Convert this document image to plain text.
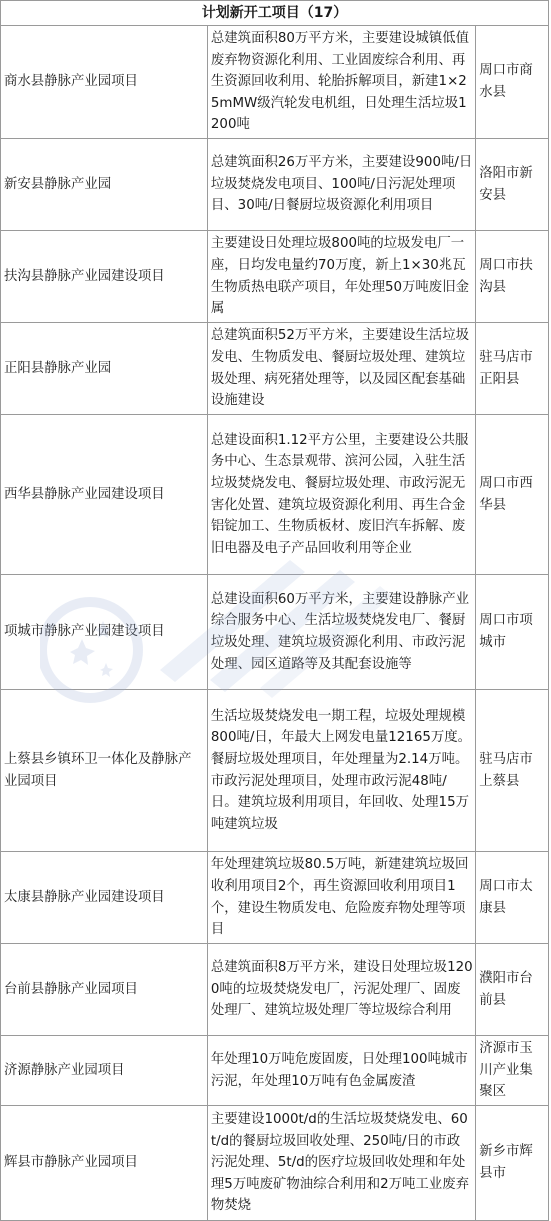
计划新开工项目（17）		
商水县静脉产业园项目	总建筑面积80万平方米，主要建设城镇低值废弃物资源化利用、工业固废综合利用、再生资源回收利用、轮胎拆解项目，新建1×25mMW级汽轮发电机组，日处理生活垃圾1200吨	周口市商水县
新安县静脉产业园	总建筑面积26万平方米，主要建设900吨/日垃圾焚烧发电项目、100吨/日污泥处理项目、30吨/日餐厨垃圾资源化利用项目	洛阳市新安县
扶沟县静脉产业园建设项目	主要建设日处理垃圾800吨的垃圾发电厂一座，日均发电量约70万度，新上1×30兆瓦生物质热电联产项目，年处理50万吨废旧金属	周口市扶沟县
正阳县静脉产业园	总建筑面积52万平方米，主要建设生活垃圾发电、生物质发电、餐厨垃圾处理、建筑垃圾处理、病死猪处理等，以及园区配套基础设施建设	驻马店市正阳县
西华县静脉产业园建设项目	总建设面积1.12平方公里，主要建设公共服务中心、生态景观带、滨河公园，入驻生活垃圾焚烧发电、餐厨垃圾处理、市政污泥无害化处置、建筑垃圾资源化利用、再生合金铝锭加工、生物质板材、废旧汽车拆解、废旧电器及电子产品回收利用等企业	周口市西华县
项城市静脉产业园建设项目	总建设面积60万平方米，主要建设静脉产业综合服务中心、生活垃圾焚烧发电厂、餐厨垃圾处理、建筑垃圾资源化利用、市政污泥处理、园区道路等及其配套设施等	周口市项城市
上蔡县乡镇环卫一体化及静脉产业园项目	生活垃圾焚烧发电一期工程，垃圾处理规模800吨/日，年最大上网发电量12165万度。餐厨垃圾处理项目，年处理量为2.14万吨。市政污泥处理项目，处理市政污泥48吨/日。建筑垃圾利用项目，年回收、处理15万吨建筑垃圾	驻马店市上蔡县
太康县静脉产业园建设项目	年处理建筑垃圾80.5万吨，新建建筑垃圾回收利用项目2个，再生资源回收利用项目1个，建设生物质发电、危险废弃物处理等项目	周口市太康县
台前县静脉产业园项目	总建筑面积8万平方米，建设日处理垃圾1200吨的垃圾焚烧发电厂，污泥处理厂、固废处理厂、建筑垃圾处理厂等垃圾综合利用	濮阳市台前县
济源静脉产业园项目	年处理10万吨危废固废，日处理100吨城市污泥，年处理10万吨有色金属废渣	济源市玉川产业集聚区
辉县市静脉产业园项目	主要建设1000t/d的生活垃圾焚烧发电、60t/d的餐厨垃圾回收处理、250吨/日的市政污泥处理、5t/d的医疗垃圾回收处理和年处理5万吨废矿物油综合利用和2万吨工业废弃物焚烧	新乡市辉县市
